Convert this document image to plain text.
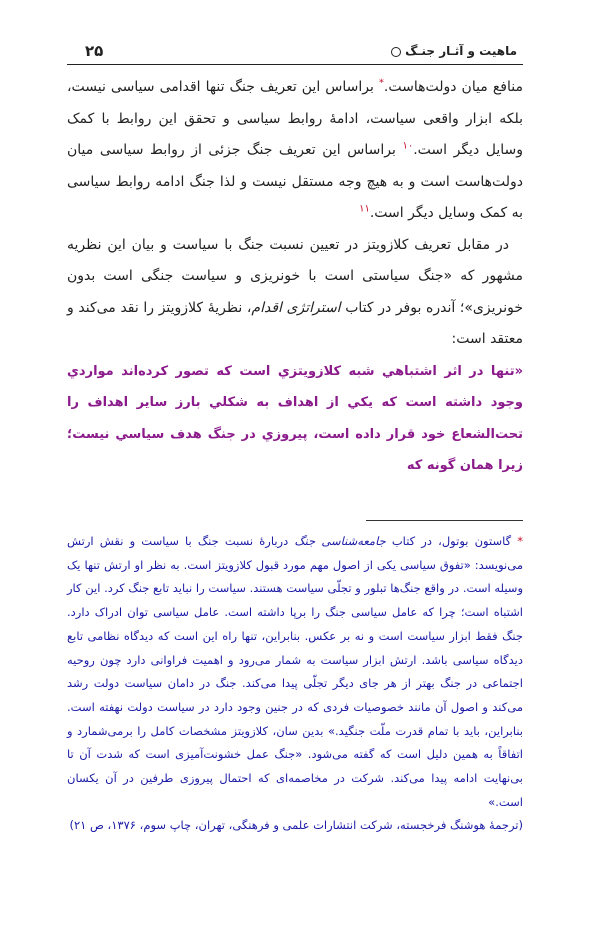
۲۵	ماهیت و آثـار جنـگ

منافع میان دولت‌هاست.* براساس این تعریف جنگ تنها اقدامی سیاسی نیست، بلکه ابزار واقعی سیاست، ادامهٔ روابط سیاسی و تحقق این روابط با کمک وسایل دیگر است.$^{۱۰}$ براساس این تعریف جنگ جزئی از روابط سیاسی میان دولت‌هاست است و به هیچ وجه مستقل نیست و لذا جنگ ادامه روابط سیاسی به کمک وسایل دیگر است.$^{۱۱}$

در مقابل تعریف کلازویتز در تعیین نسبت جنگ با سیاست و بیان این نظریه مشهور که «جنگ سیاستی است با خونریزی و سیاست جنگی است بدون خونریزی»؛ آندره بوفر در کتاب استراتژی اقدام، نظریهٔ کلازویتز را نقد می‌کند و معتقد است:

«تنها در اثر اشتباهي شبه كلازويتزي است كه تصور كرده‌اند مواردي وجود داشته است كه يكي از اهداف به شكلي بارز ساير اهداف را تحت‌الشعاع خود قرار داده است، پيروزي در جنگ هدف سياسي نيست؛ زيرا همان گونه كه

* گاستون بوتول، در کتاب جامعه‌شناسی جنگ دربارهٔ نسبت جنگ با سیاست و نقش ارتش می‌نویسد: «تفوق سیاسی یکی از اصول مهم مورد قبول کلازویتز است. به نظر او ارتش تنها یک وسیله است. در واقع جنگ‌ها تبلور و تجلّی سیاست هستند. سیاست را نباید تابع جنگ کرد. این کار اشتباه است؛ چرا که عامل سیاسی جنگ را برپا داشته است. عامل سیاسی توان ادراک دارد. جنگ فقط ابزار سیاست است و نه بر عکس. بنابراین، تنها راه این است که دیدگاه نظامی تابع دیدگاه سیاسی باشد. ارتش ابزار سیاست به شمار می‌رود و اهمیت فراوانی دارد چون روحیه اجتماعی در جنگ بهتر از هر جای دیگر تجلّی پیدا می‌کند. جنگ در دامان سیاست دولت رشد می‌کند و اصول آن مانند خصوصیات فردی که در جنین وجود دارد در سیاست دولت نهفته است. بنابراین، باید با تمام قدرت ملّت جنگید.» بدین سان، کلازویتز مشخصات کامل را برمی‌شمارد و اتفاقاً به همین دلیل است که گفته می‌شود. «جنگ عمل خشونت‌آمیزی است که شدت آن تا بی‌نهایت ادامه پیدا می‌کند. شرکت در مخاصمه‌ای که احتمال پیروزی طرفین در آن یکسان است.»
(ترجمهٔ هوشنگ فرخجسته، شرکت انتشارات علمی و فرهنگی، تهران، چاپ سوم، ۱۳۷۶، ص ۲۱)
